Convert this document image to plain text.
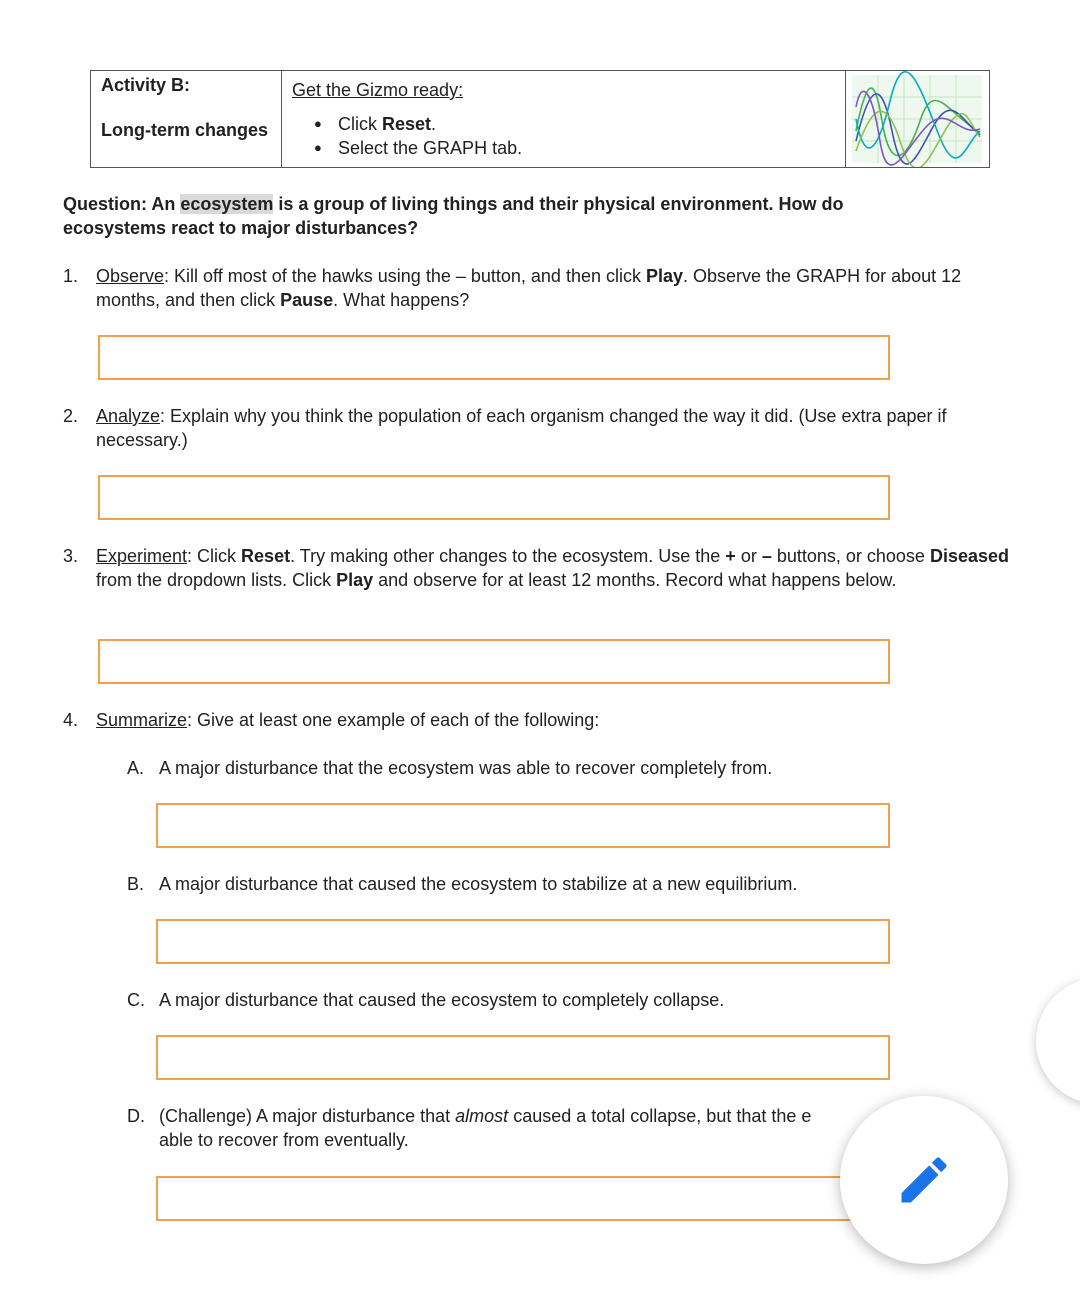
Activity B:
Long-term changes
Get the Gizmo ready:
● Click Reset.
● Select the GRAPH tab.
Question: An ecosystem is a group of living things and their physical environment. How do ecosystems react to major disturbances?
1. Observe: Kill off most of the hawks using the – button, and then click Play. Observe the GRAPH for about 12 months, and then click Pause. What happens?
2. Analyze: Explain why you think the population of each organism changed the way it did. (Use extra paper if necessary.)
3. Experiment: Click Reset. Try making other changes to the ecosystem. Use the + or – buttons, or choose Diseased from the dropdown lists. Click Play and observe for at least 12 months. Record what happens below.
4. Summarize: Give at least one example of each of the following:
A. A major disturbance that the ecosystem was able to recover completely from.
B. A major disturbance that caused the ecosystem to stabilize at a new equilibrium.
C. A major disturbance that caused the ecosystem to completely collapse.
D. (Challenge) A major disturbance that almost caused a total collapse, but that the e
able to recover from eventually.
